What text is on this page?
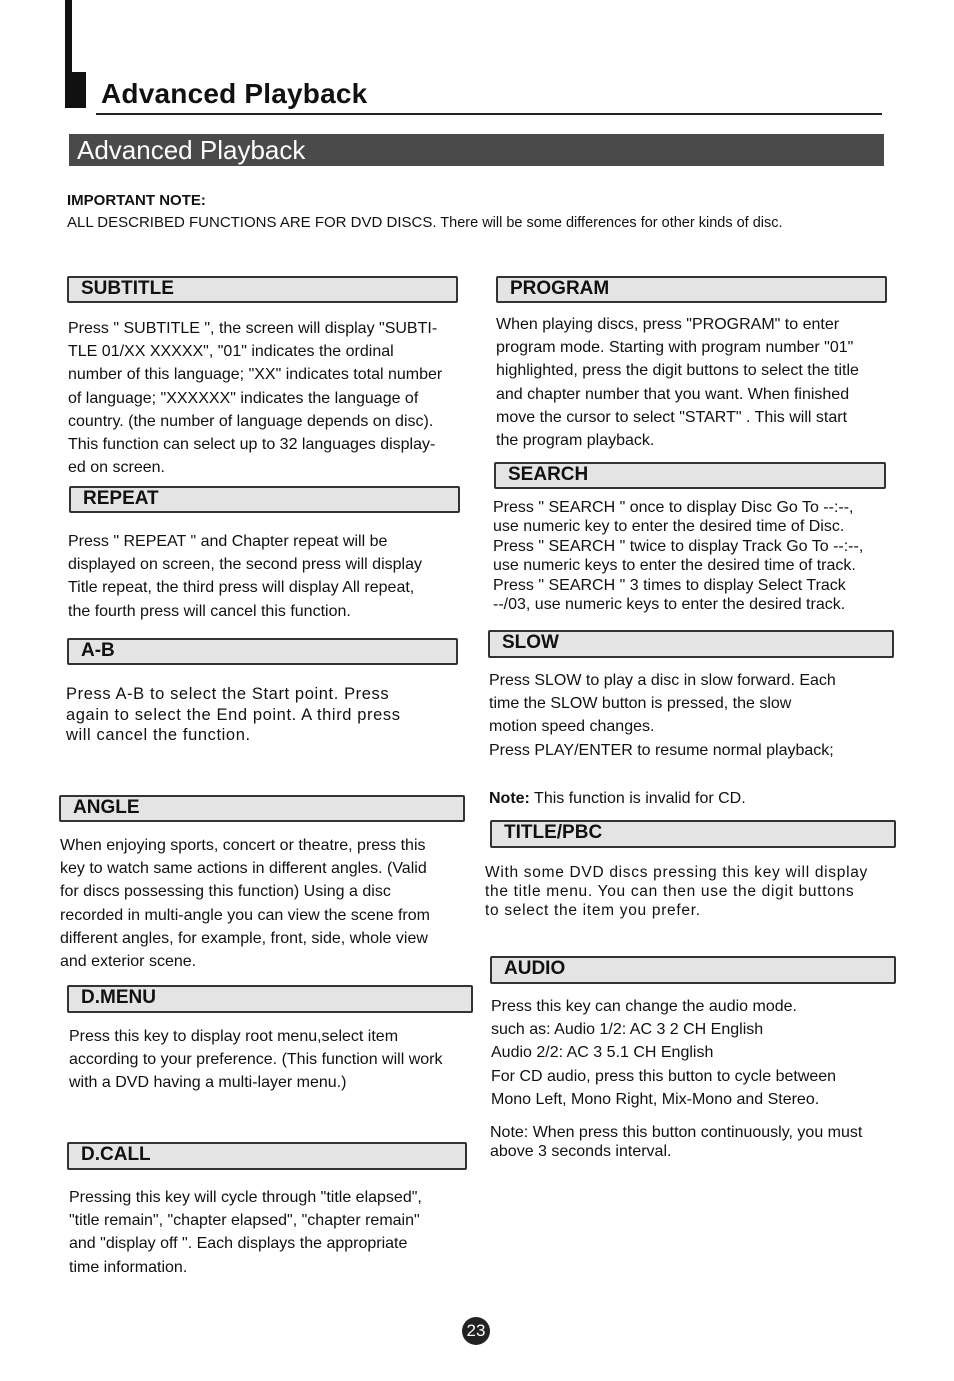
Advanced Playback
Advanced Playback
IMPORTANT NOTE:
ALL DESCRIBED FUNCTIONS ARE FOR DVD DISCS. There will be some differences for other kinds of disc.
SUBTITLE
Press " SUBTITLE ", the screen will display "SUBTI-
TLE 01/XX XXXXX", "01" indicates the ordinal
number of this language; "XX" indicates total number
of language; "XXXXXX" indicates the language of
country. (the number of language depends on disc).
This function can select up to 32 languages display-
ed on screen.
REPEAT
Press " REPEAT " and Chapter repeat will be
displayed on screen, the second press will display
Title repeat, the third press will display All repeat,
the fourth press will cancel this function.
A-B
Press A-B to select the Start point. Press
again to select the End point. A third press
will cancel the function.
ANGLE
When enjoying sports, concert or theatre, press this
key to watch same actions in different angles. (Valid
for discs possessing this function) Using a disc
recorded in multi-angle you can view the scene from
different angles, for example, front, side, whole view
and exterior scene.
D.MENU
Press this key to display root menu,select item
according to your preference. (This function will work
with a DVD having a multi-layer menu.)
D.CALL
Pressing this key will cycle through "title elapsed",
"title remain", "chapter elapsed", "chapter remain"
and "display off ". Each displays the appropriate
time information.
PROGRAM
When playing discs, press "PROGRAM" to enter
program mode. Starting with program number "01"
highlighted, press the digit buttons to select the title
and chapter number that you want. When finished
move the cursor to select "START" . This will start
the program playback.
SEARCH
Press " SEARCH " once to display Disc Go To --:--,
use numeric key to enter the desired time of Disc.
Press " SEARCH " twice to display Track Go To --:--,
use numeric keys to enter the desired time of track.
Press " SEARCH " 3 times to display Select Track
--/03, use numeric keys to enter the desired track.
SLOW
Press SLOW to play a disc in slow forward. Each
time the SLOW button is pressed, the slow
motion speed changes.
Press PLAY/ENTER to resume normal playback;
Note: This function is invalid for CD.
TITLE/PBC
With some DVD discs pressing this key will display
the title menu. You can then use the digit buttons
to select the item you prefer.
AUDIO
Press this key can change the audio mode.
such as: Audio 1/2: AC 3 2 CH English
Audio 2/2: AC 3 5.1 CH English
For CD audio, press this button to cycle between
Mono Left, Mono Right, Mix-Mono and Stereo.
Note: When press this button continuously, you must
above 3 seconds interval.
23
